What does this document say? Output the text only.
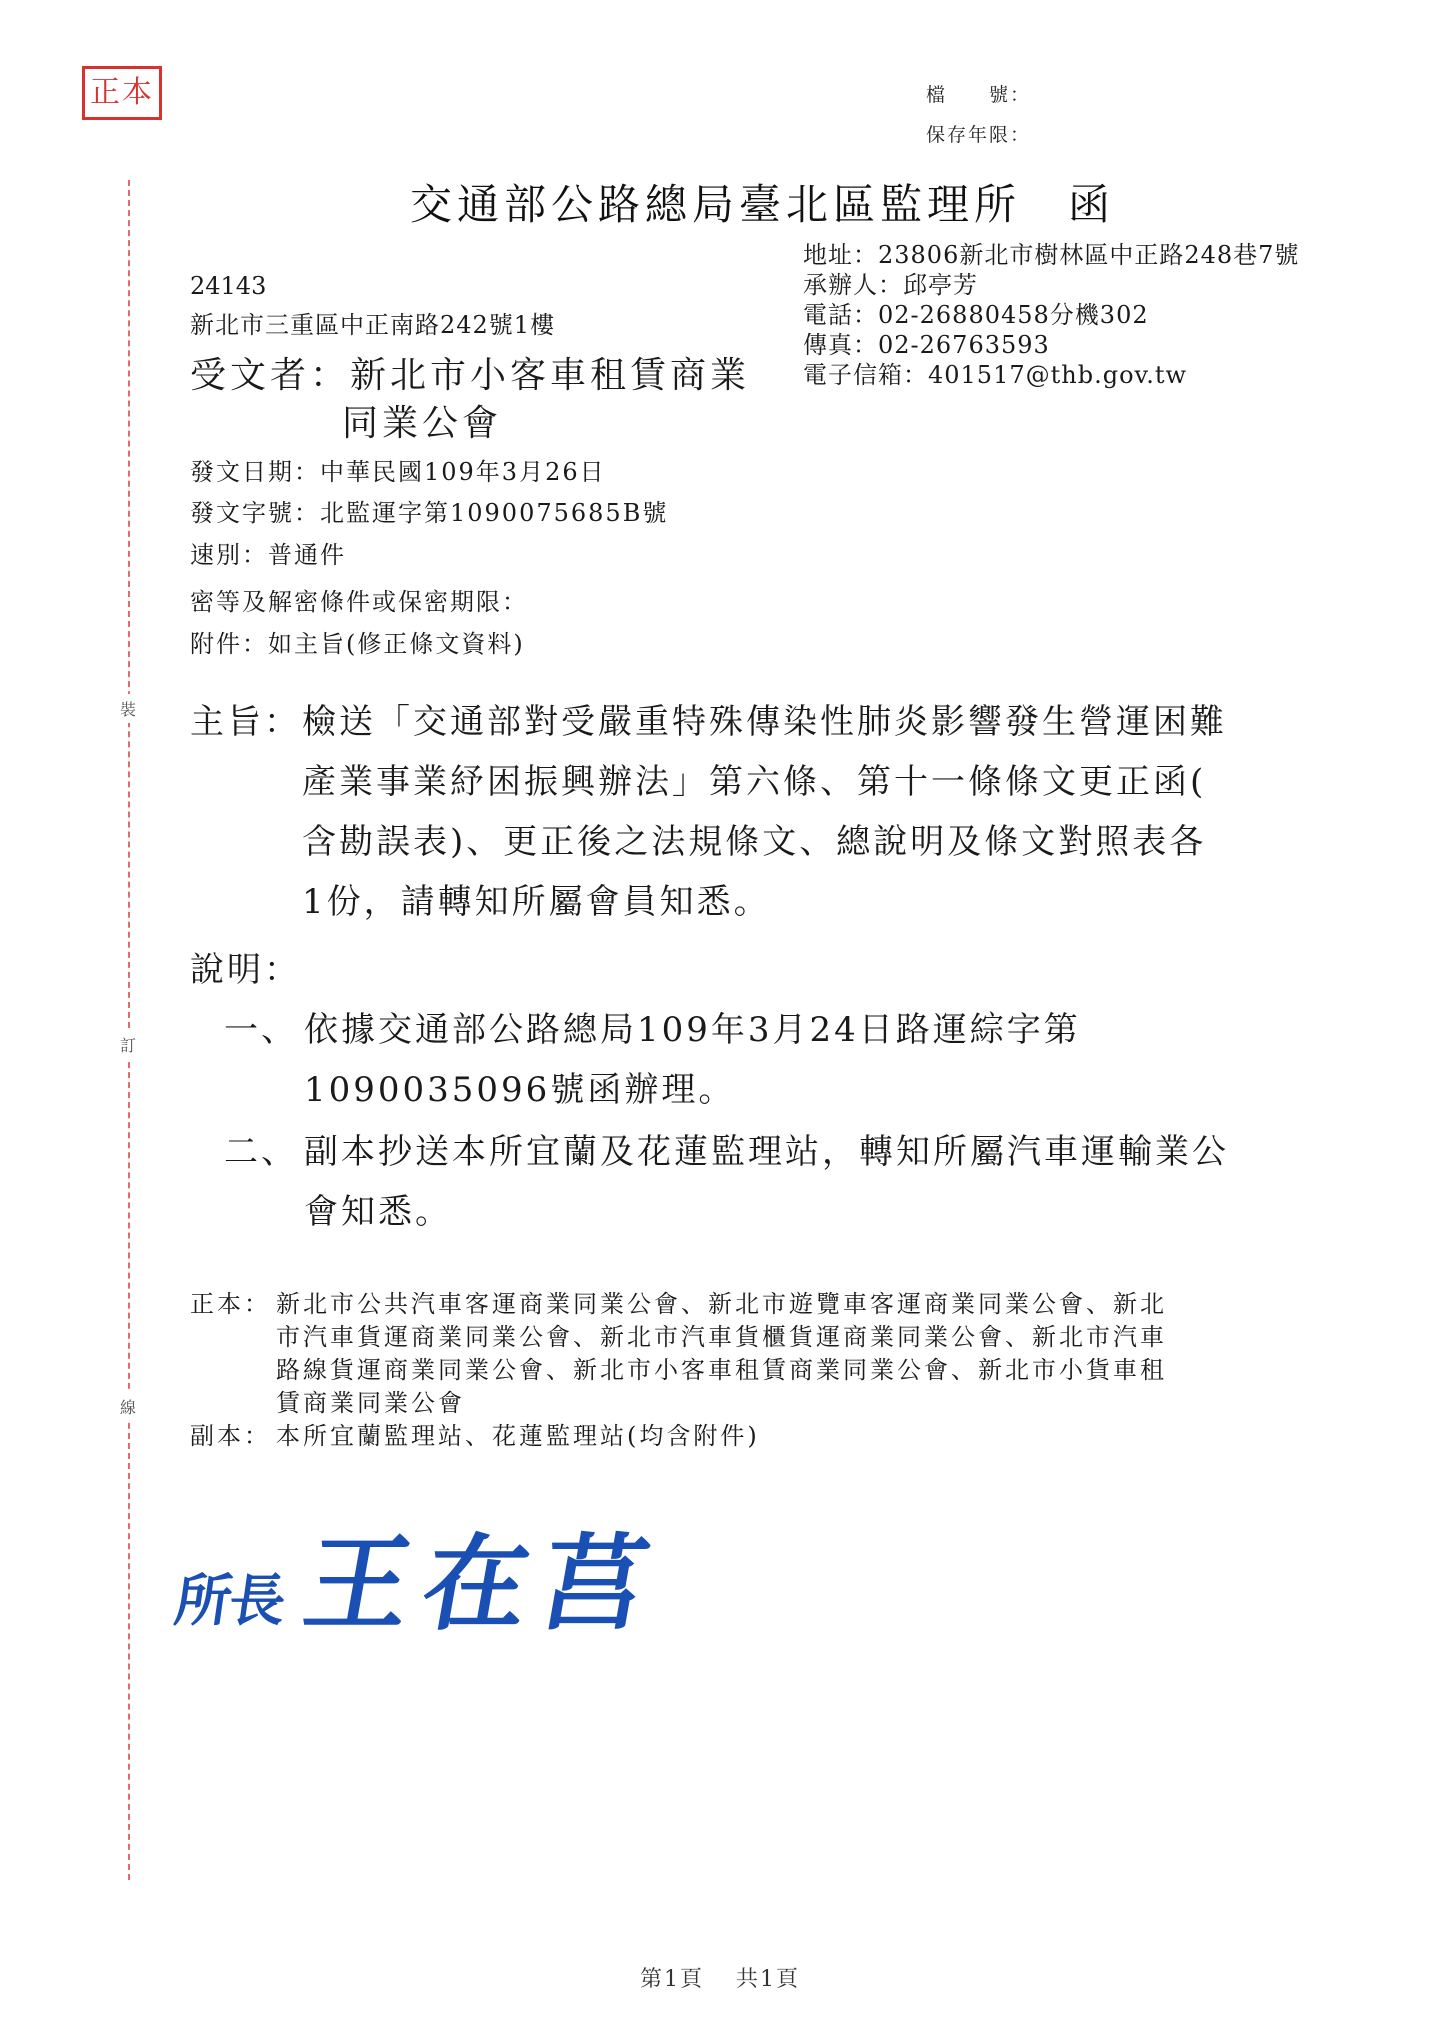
正本	檔　　號：
保存年限：
裝
訂
線
交通部公路總局臺北區監理所　函
地址：23806新北市樹林區中正路248巷7號
承辦人：邱亭芳
電話：02-26880458分機302
傳真：02-26763593
電子信箱：401517@thb.gov.tw
24143
新北市三重區中正南路242號1樓
受文者：新北市小客車租賃商業
同業公會
發文日期：中華民國109年3月26日
發文字號：北監運字第1090075685B號
速別：普通件
密等及解密條件或保密期限：
附件：如主旨(修正條文資料)
主旨： 檢送「交通部對受嚴重特殊傳染性肺炎影響發生營運困難
產業事業紓困振興辦法」第六條、第十一條條文更正函(
含勘誤表)、更正後之法規條文、總說明及條文對照表各
1份，請轉知所屬會員知悉。
說明：
一、 依據交通部公路總局109年3月24日路運綜字第
1090035096號函辦理。
二、 副本抄送本所宜蘭及花蓮監理站，轉知所屬汽車運輸業公
會知悉。
正本： 新北市公共汽車客運商業同業公會、新北市遊覽車客運商業同業公會、新北
市汽車貨運商業同業公會、新北市汽車貨櫃貨運商業同業公會、新北市汽車
路線貨運商業同業公會、新北市小客車租賃商業同業公會、新北市小貨車租
賃商業同業公會
副本： 本所宜蘭監理站、花蓮監理站(均含附件)
所長王在莒
第1頁 共1頁
